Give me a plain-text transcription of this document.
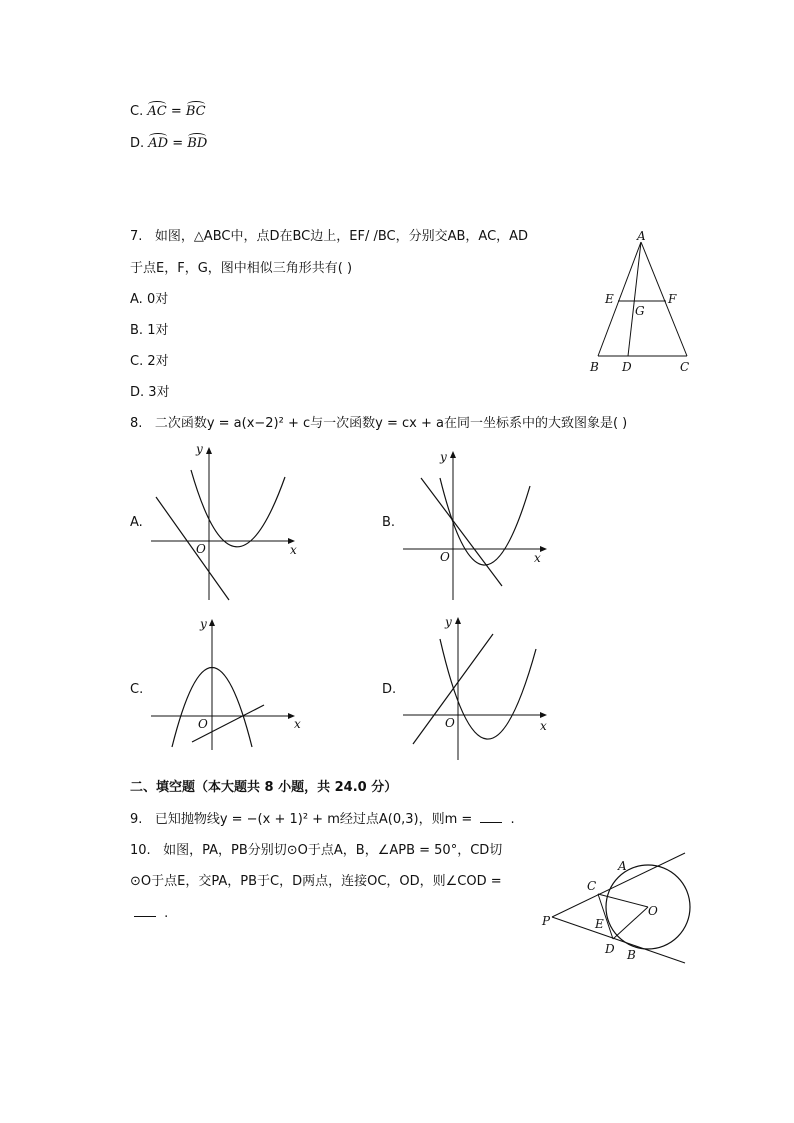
C. AC = BC
D. AD = BD
7. 如图，△ABC中，点D在BC边上，EF/ /BC，分别交AB，AC，AD
于点E，F，G，图中相似三角形共有( )
A. 0对
B. 1对
C. 2对
D. 3对
A
E	F
G
B D	C
8. 二次函数y = a(x−2)² + c与一次函数y = cx + a在同一坐标系中的大致图象是( )
A.	B.
C.	D.
O	x
y
O	x
y
O	x
y
O	x
y
二、填空题（本大题共 8 小题，共 24.0 分）
9. 已知抛物线y = −(x + 1)² + m经过点A(0,3)，则m =	.
10. 如图，PA，PB分别切⊙O于点A，B，∠APB = 50°，CD切
⊙O于点E，交PA，PB于C，D两点，连接OC，OD，则∠COD =
.	P
A
C
E
O
D B
